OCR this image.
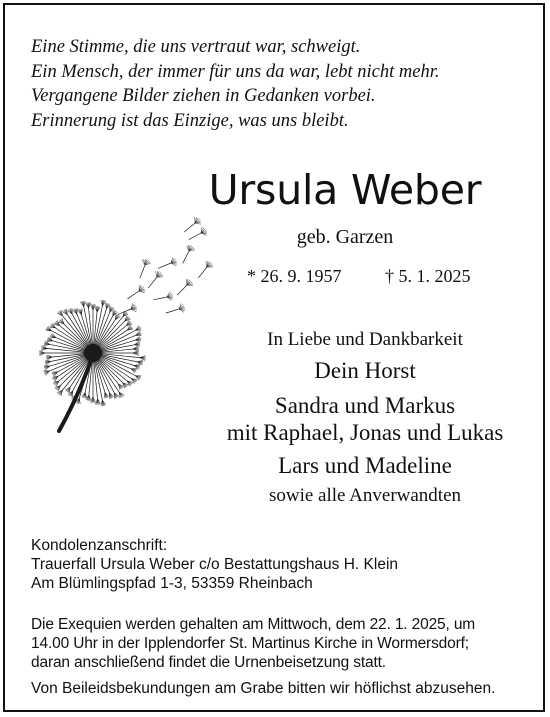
Eine Stimme, die uns vertraut war, schweigt.
Ein Mensch, der immer für uns da war, lebt nicht mehr.
Vergangene Bilder ziehen in Gedanken vorbei.
Erinnerung ist das Einzige, was uns bleibt.
Ursula Weber
geb. Garzen
* 26. 9. 1957 † 5. 1. 2025
In Liebe und Dankbarkeit
Dein Horst
Sandra und Markus
mit Raphael, Jonas und Lukas
Lars und Madeline
sowie alle Anverwandten
Kondolenzanschrift:
Trauerfall Ursula Weber c/o Bestattungshaus H. Klein
Am Blümlingspfad 1-3, 53359 Rheinbach
Die Exequien werden gehalten am Mittwoch, dem 22. 1. 2025, um
14.00 Uhr in der Ipplendorfer St. Martinus Kirche in Wormersdorf;
daran anschließend findet die Urnenbeisetzung statt.
Von Beileidsbekundungen am Grabe bitten wir höflichst abzusehen.
